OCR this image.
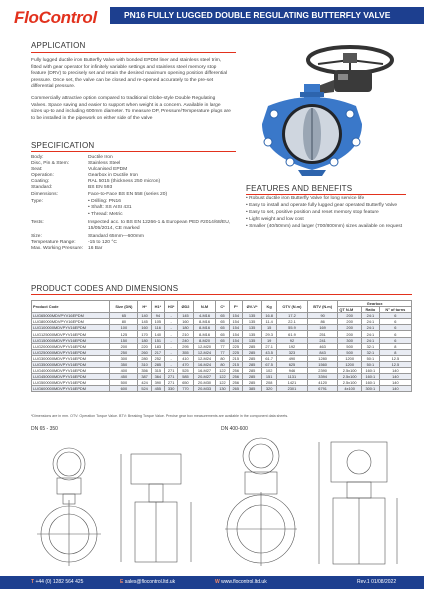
FloControl	PN16 FULLY LUGGED DOUBLE REGULATING BUTTERFLY VALVE
APPLICATION

Fully lugged ductile iron Butterfly Valve with bonded EPDM liner and stainless steel trim, fitted with gear operator for infinitely variable settings and stainless steel memory stop feature (DRV) to precisely set and retain the desired maximum opening position differential pressure. Once set, the valve can be closed and re-opened accurately to the pre-set differential pressure.

Commercially attractive option compared to traditional Globe-style Double Regulating Valves. Space saving and easier to support when weight is a concern. Available in large sizes up-to and including 600mm diameter. To measure DP, Pressure/Temperature plugs are to be installed in the pipework on either side of the valve

SPECIFICATION
Body:	Ductile Iron
Disc, Pin & Stem:	Stainless Steel
Seat:	Vulcanised EPDM
Operation:	Gearbox in Ductile Iron
Coating:	RAL 5015 (thickness 250 micron)
Standard:	BS EN 593
Dimensions:	Face-to-Face BS EN 558 (series 20)
Type:	• Drilling: PN16
• Shaft: SS AISI 431
• Thread: Metric
Tests:	Inspected acc. to BS EN 12266-1 & European PED #2014/68/EU, 15/05/2014, CE marked
Size:	Standard 65mm—600mm
Temperature Range:	-15 to 120 °C
Max. Working Pressure:	16 Bar
FEATURES AND BENEFITS
• Robust ductile iron Butterfly Valve for long service life
• Easy to install and operate fully lugged gear operated Butterfly Valve
• Easy to set, positive position and reset memory stop feature
• Light weight and low cost
• Smaller (40/50mm) and larger (700/800mm) sizes available on request
PRODUCT CODES AND DIMENSIONS
Product Code	Size (DN)	H*	H1*	H3*	ØD2	N-M	C*	F*	ØV-V*	Kg	OTV (N.m)	BTV (N.m)	Gearbox		
													QT N-M	Ratio	N° of turns
LUG65000MDVPYV16EPDM	65	140	94	-	145	4-M16	65	154	135	16.8	17.2	90	200	24:1	6
LUG80000MDVPYV16EPDM	80	145	105	-	160	8-M16	65	154	135	11.4	22.1	86	200	24:1	6
LUG100000MDVPYV16EPDM	100	160	116	-	180	8-M16	65	154	135	15	55.9	169	200	24:1	6
LUG125000MDVPYV16EPDM	125	170	140	-	210	8-M16	65	154	135	29.3	61.9	251	200	24:1	6
LUG150000MDVPYV16EPDM	150	180	151	-	240	8-M20	65	154	135	19	92	241	300	24:1	6
LUG200000MDVPYV16EPDM	200	220	183	-	295	12-M20	77	225	285	27.1	192	463	500	32:1	8
LUG250000MDVPYV16EPDM	250	260	217	-	355	12-M24	77	225	285	43.5	323	843	500	32:1	8
LUG300000MDVPYV16EPDM	300	280	252	-	410	12-M24	80	215	285	61.7	490	1280	1200	50:1	12.5
LUG350000MDVPYV16EPDM	350	310	285	-	470	16-M24	80	215	285	67.5	625	1560	1200	50:1	12.5
LUG400000MDVPYV16EPDM	400	356	315	271	525	16-M27	122	256	285	102	946	2390	2.5x100	160:1	140
LUG450000MDVPYV16EPDM	450	387	364	271	585	20-M27	122	256	285	151	1131	3394	2.5x100	160:1	140
LUG500000MDVPYV16EPDM	500	424	390	271	650	20-M30	122	256	285	208	1421	4120	2.5x100	160:1	140
LUG600000MDVPYV16EPDM	600	524	455	330	770	20-M33	130	265	385	320	2301	6791	4x100	300:1	140
*Dimensions are in mm. OTV: Operation Torque Value. BTV: Breaking Torque Value. Precise gear box measurements are available in the component data sheets.
DN 65 - 350	DN 400-600
T +44 (0) 1282 564 425	E sales@flocontrol.ltd.uk	W www.flocontrol.ltd.uk	Rev.1 01/08/2022
